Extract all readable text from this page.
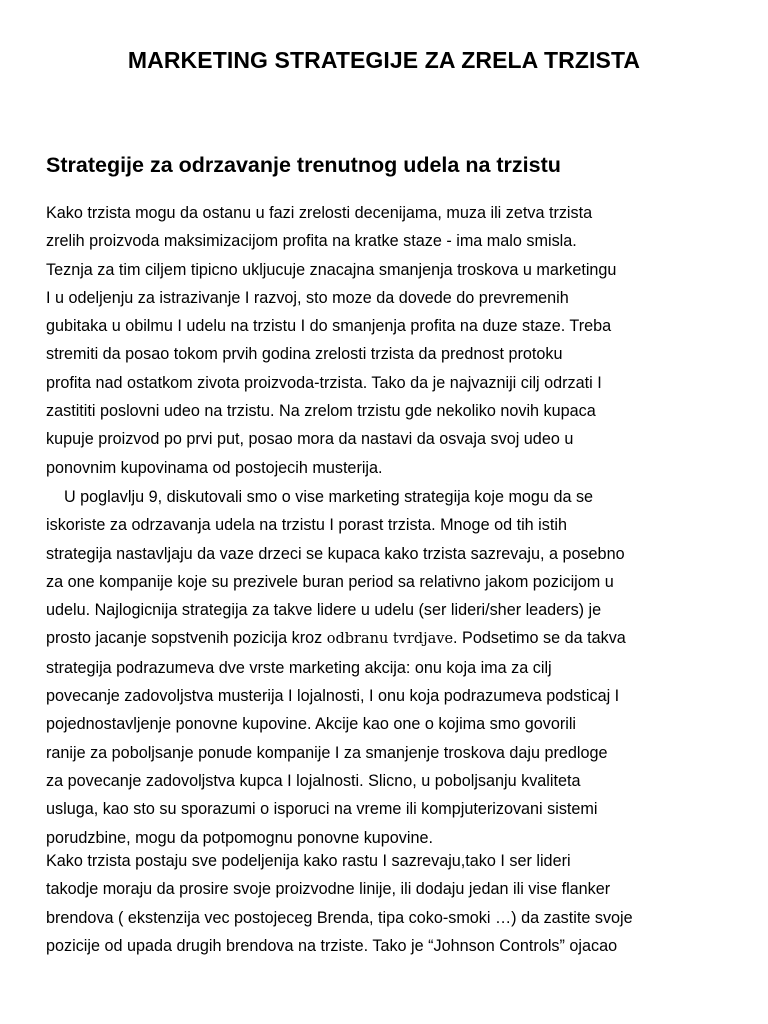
MARKETING STRATEGIJE ZA ZRELA TRZISTA
Strategije za odrzavanje trenutnog udela na trzistu
Kako trzista mogu da ostanu u fazi zrelosti decenijama, muza ili zetva trzista
zrelih proizvoda maksimizacijom profita na kratke staze - ima malo smisla.
Teznja za tim ciljem tipicno ukljucuje znacajna smanjenja troskova u marketingu
I u odeljenju za istrazivanje I razvoj, sto moze da dovede do prevremenih
gubitaka u obilmu I udelu na trzistu I do smanjenja profita na duze staze. Treba
stremiti da posao tokom prvih godina zrelosti trzista da prednost protoku
profita nad ostatkom zivota proizvoda-trzista. Tako da je najvazniji cilj odrzati I
zastititi poslovni udeo na trzistu. Na zrelom trzistu gde nekoliko novih kupaca
kupuje proizvod po prvi put, posao mora da nastavi da osvaja svoj udeo u
ponovnim kupovinama od postojecih musterija.
U poglavlju 9, diskutovali smo o vise marketing strategija koje mogu da se
iskoriste za odrzavanja udela na trzistu I porast trzista. Mnoge od tih istih
strategija nastavljaju da vaze drzeci se kupaca kako trzista sazrevaju, a posebno
za one kompanije koje su prezivele buran period sa relativno jakom pozicijom u
udelu. Najlogicnija strategija za takve lidere u udelu (ser lideri/sher leaders) je
prosto jacanje sopstvenih pozicija kroz odbranu tvrdjave. Podsetimo se da takva
strategija podrazumeva dve vrste marketing akcija: onu koja ima za cilj
povecanje zadovoljstva musterija I lojalnosti, I onu koja podrazumeva podsticaj I
pojednostavljenje ponovne kupovine. Akcije kao one o kojima smo govorili
ranije za poboljsanje ponude kompanije I za smanjenje troskova daju predloge
za povecanje zadovoljstva kupca I lojalnosti. Slicno, u poboljsanju kvaliteta
usluga, kao sto su sporazumi o isporuci na vreme ili kompjuterizovani sistemi
porudzbine, mogu da potpomognu ponovne kupovine.
Kako trzista postaju sve podeljenija kako rastu I sazrevaju,tako I ser lideri
takodje moraju da prosire svoje proizvodne linije, ili dodaju jedan ili vise flanker
brendova ( ekstenzija vec postojeceg Brenda, tipa coko-smoki …) da zastite svoje
pozicije od upada drugih brendova na trziste. Tako je “Johnson Controls” ojacao
